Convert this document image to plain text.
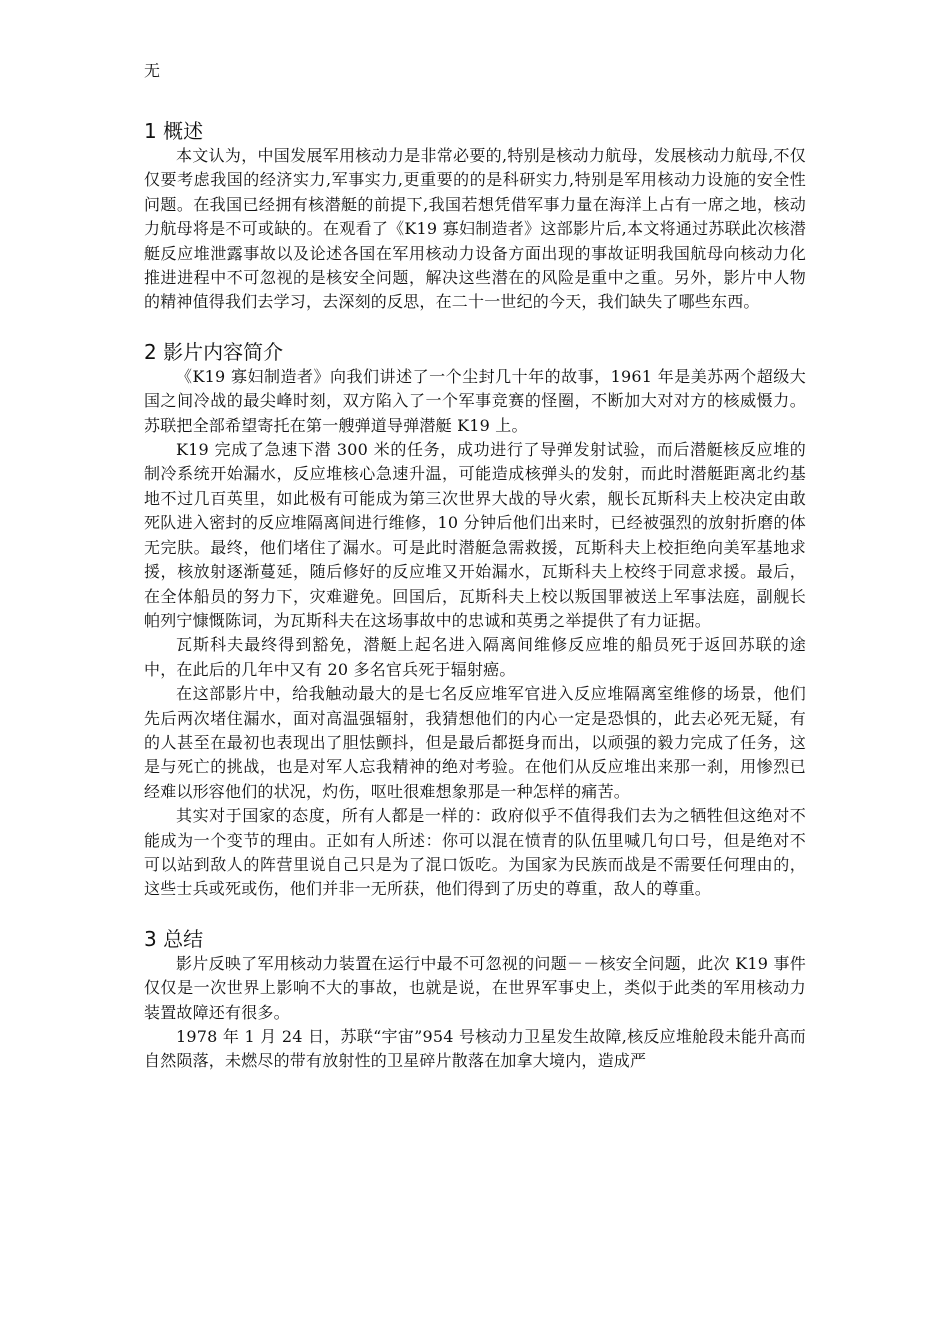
无
1 概述

本文认为，中国发展军用核动力是非常必要的,特别是核动力航母，发展核动力航母,不仅仅要考虑我国的经济实力,军事实力,更重要的的是科研实力,特别是军用核动力设施的安全性问题。在我国已经拥有核潜艇的前提下,我国若想凭借军事力量在海洋上占有一席之地，核动力航母将是不可或缺的。在观看了《K19 寡妇制造者》这部影片后,本文将通过苏联此次核潜艇反应堆泄露事故以及论述各国在军用核动力设备方面出现的事故证明我国航母向核动力化推进进程中不可忽视的是核安全问题，解决这些潜在的风险是重中之重。另外，影片中人物的精神值得我们去学习，去深刻的反思，在二十一世纪的今天，我们缺失了哪些东西。

2 影片内容简介

《K19 寡妇制造者》向我们讲述了一个尘封几十年的故事，1961 年是美苏两个超级大国之间冷战的最尖峰时刻，双方陷入了一个军事竞赛的怪圈，不断加大对对方的核威慑力。苏联把全部希望寄托在第一艘弹道导弹潜艇 K19 上。

K19 完成了急速下潜 300 米的任务，成功进行了导弹发射试验，而后潜艇核反应堆的制冷系统开始漏水，反应堆核心急速升温，可能造成核弹头的发射，而此时潜艇距离北约基地不过几百英里，如此极有可能成为第三次世界大战的导火索，舰长瓦斯科夫上校决定由敢死队进入密封的反应堆隔离间进行维修，10 分钟后他们出来时，已经被强烈的放射折磨的体无完肤。最终，他们堵住了漏水。可是此时潜艇急需救援，瓦斯科夫上校拒绝向美军基地求援，核放射逐渐蔓延，随后修好的反应堆又开始漏水，瓦斯科夫上校终于同意求援。最后，在全体船员的努力下，灾难避免。回国后，瓦斯科夫上校以叛国罪被送上军事法庭，副舰长帕列宁慷慨陈词，为瓦斯科夫在这场事故中的忠诚和英勇之举提供了有力证据。

瓦斯科夫最终得到豁免，潜艇上起名进入隔离间维修反应堆的船员死于返回苏联的途中，在此后的几年中又有 20 多名官兵死于辐射癌。

在这部影片中，给我触动最大的是七名反应堆军官进入反应堆隔离室维修的场景，他们先后两次堵住漏水，面对高温强辐射，我猜想他们的内心一定是恐惧的，此去必死无疑，有的人甚至在最初也表现出了胆怯颤抖，但是最后都挺身而出，以顽强的毅力完成了任务，这是与死亡的挑战，也是对军人忘我精神的绝对考验。在他们从反应堆出来那一刹，用惨烈已经难以形容他们的状况，灼伤，呕吐很难想象那是一种怎样的痛苦。

其实对于国家的态度，所有人都是一样的：政府似乎不值得我们去为之牺牲但这绝对不能成为一个变节的理由。正如有人所述：你可以混在愤青的队伍里喊几句口号，但是绝对不可以站到敌人的阵营里说自己只是为了混口饭吃。为国家为民族而战是不需要任何理由的，这些士兵或死或伤，他们并非一无所获，他们得到了历史的尊重，敌人的尊重。

3 总结

影片反映了军用核动力装置在运行中最不可忽视的问题－－核安全问题，此次 K19 事件仅仅是一次世界上影响不大的事故，也就是说，在世界军事史上，类似于此类的军用核动力装置故障还有很多。

1978 年 1 月 24 日，苏联“宇宙”954 号核动力卫星发生故障,核反应堆舱段未能升高而自然陨落，未燃尽的带有放射性的卫星碎片散落在加拿大境内，造成严
